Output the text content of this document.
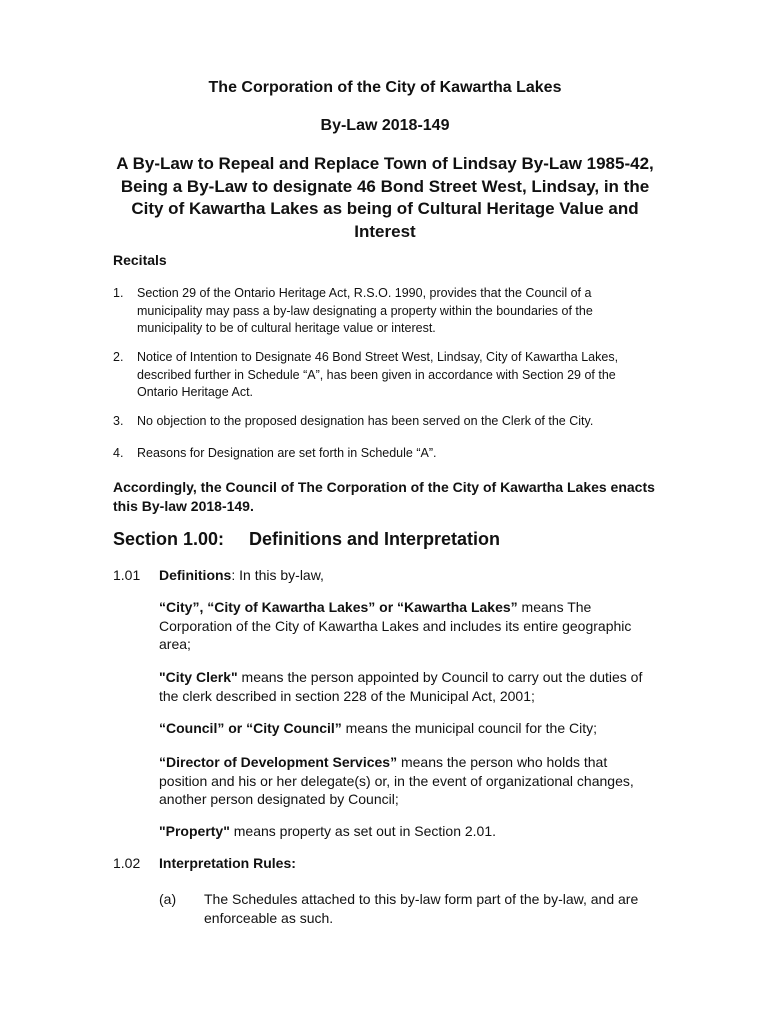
The Corporation of the City of Kawartha Lakes
By-Law 2018-149
A By-Law to Repeal and Replace Town of Lindsay By-Law 1985-42, Being a By-Law to designate 46 Bond Street West, Lindsay, in the City of Kawartha Lakes as being of Cultural Heritage Value and Interest
Recitals
1. Section 29 of the Ontario Heritage Act, R.S.O. 1990, provides that the Council of a municipality may pass a by-law designating a property within the boundaries of the municipality to be of cultural heritage value or interest.
2. Notice of Intention to Designate 46 Bond Street West, Lindsay, City of Kawartha Lakes, described further in Schedule “A”, has been given in accordance with Section 29 of the Ontario Heritage Act.
3. No objection to the proposed designation has been served on the Clerk of the City.
4. Reasons for Designation are set forth in Schedule “A”.
Accordingly, the Council of The Corporation of the City of Kawartha Lakes enacts this By-law 2018-149.
Section 1.00: Definitions and Interpretation
1.01 Definitions: In this by-law,
“City”, “City of Kawartha Lakes” or “Kawartha Lakes” means The Corporation of the City of Kawartha Lakes and includes its entire geographic area;
"City Clerk" means the person appointed by Council to carry out the duties of the clerk described in section 228 of the Municipal Act, 2001;
“Council” or “City Council” means the municipal council for the City;
“Director of Development Services” means the person who holds that position and his or her delegate(s) or, in the event of organizational changes, another person designated by Council;
"Property" means property as set out in Section 2.01.
1.02 Interpretation Rules:
(a) The Schedules attached to this by-law form part of the by-law, and are enforceable as such.
